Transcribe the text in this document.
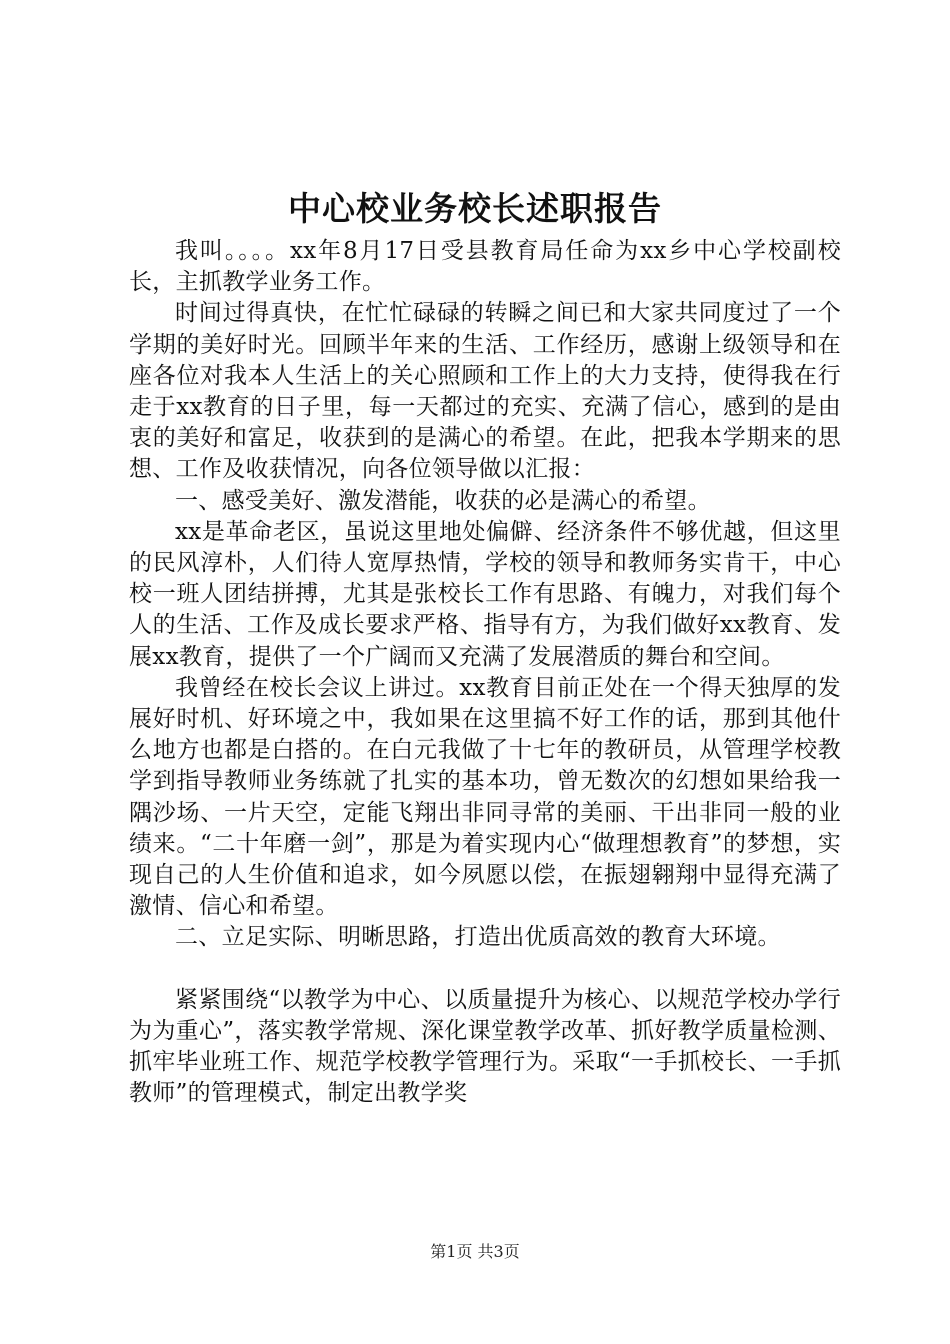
中心校业务校长述职报告

我叫。。。。xx年8月17日受县教育局任命为xx乡中心学校副校长，主抓教学业务工作。

时间过得真快，在忙忙碌碌的转瞬之间已和大家共同度过了一个学期的美好时光。回顾半年来的生活、工作经历，感谢上级领导和在座各位对我本人生活上的关心照顾和工作上的大力支持，使得我在行走于xx教育的日子里，每一天都过的充实、充满了信心，感到的是由衷的美好和富足，收获到的是满心的希望。在此，把我本学期来的思想、工作及收获情况，向各位领导做以汇报：

一、感受美好、激发潜能，收获的必是满心的希望。

xx是革命老区，虽说这里地处偏僻、经济条件不够优越，但这里的民风淳朴，人们待人宽厚热情，学校的领导和教师务实肯干，中心校一班人团结拼搏，尤其是张校长工作有思路、有魄力，对我们每个人的生活、工作及成长要求严格、指导有方，为我们做好xx教育、发展xx教育，提供了一个广阔而又充满了发展潜质的舞台和空间。

我曾经在校长会议上讲过。xx教育目前正处在一个得天独厚的发展好时机、好环境之中，我如果在这里搞不好工作的话，那到其他什么地方也都是白搭的。在白元我做了十七年的教研员，从管理学校教学到指导教师业务练就了扎实的基本功，曾无数次的幻想如果给我一隅沙场、一片天空，定能飞翔出非同寻常的美丽、干出非同一般的业绩来。“二十年磨一剑”，那是为着实现内心“做理想教育”的梦想，实现自己的人生价值和追求，如今夙愿以偿，在振翅翱翔中显得充满了激情、信心和希望。

二、立足实际、明晰思路，打造出优质高效的教育大环境。

紧紧围绕“以教学为中心、以质量提升为核心、以规范学校办学行为为重心”，落实教学常规、深化课堂教学改革、抓好教学质量检测、抓牢毕业班工作、规范学校教学管理行为。采取“一手抓校长、一手抓教师”的管理模式，制定出教学奖

第1页 共3页
